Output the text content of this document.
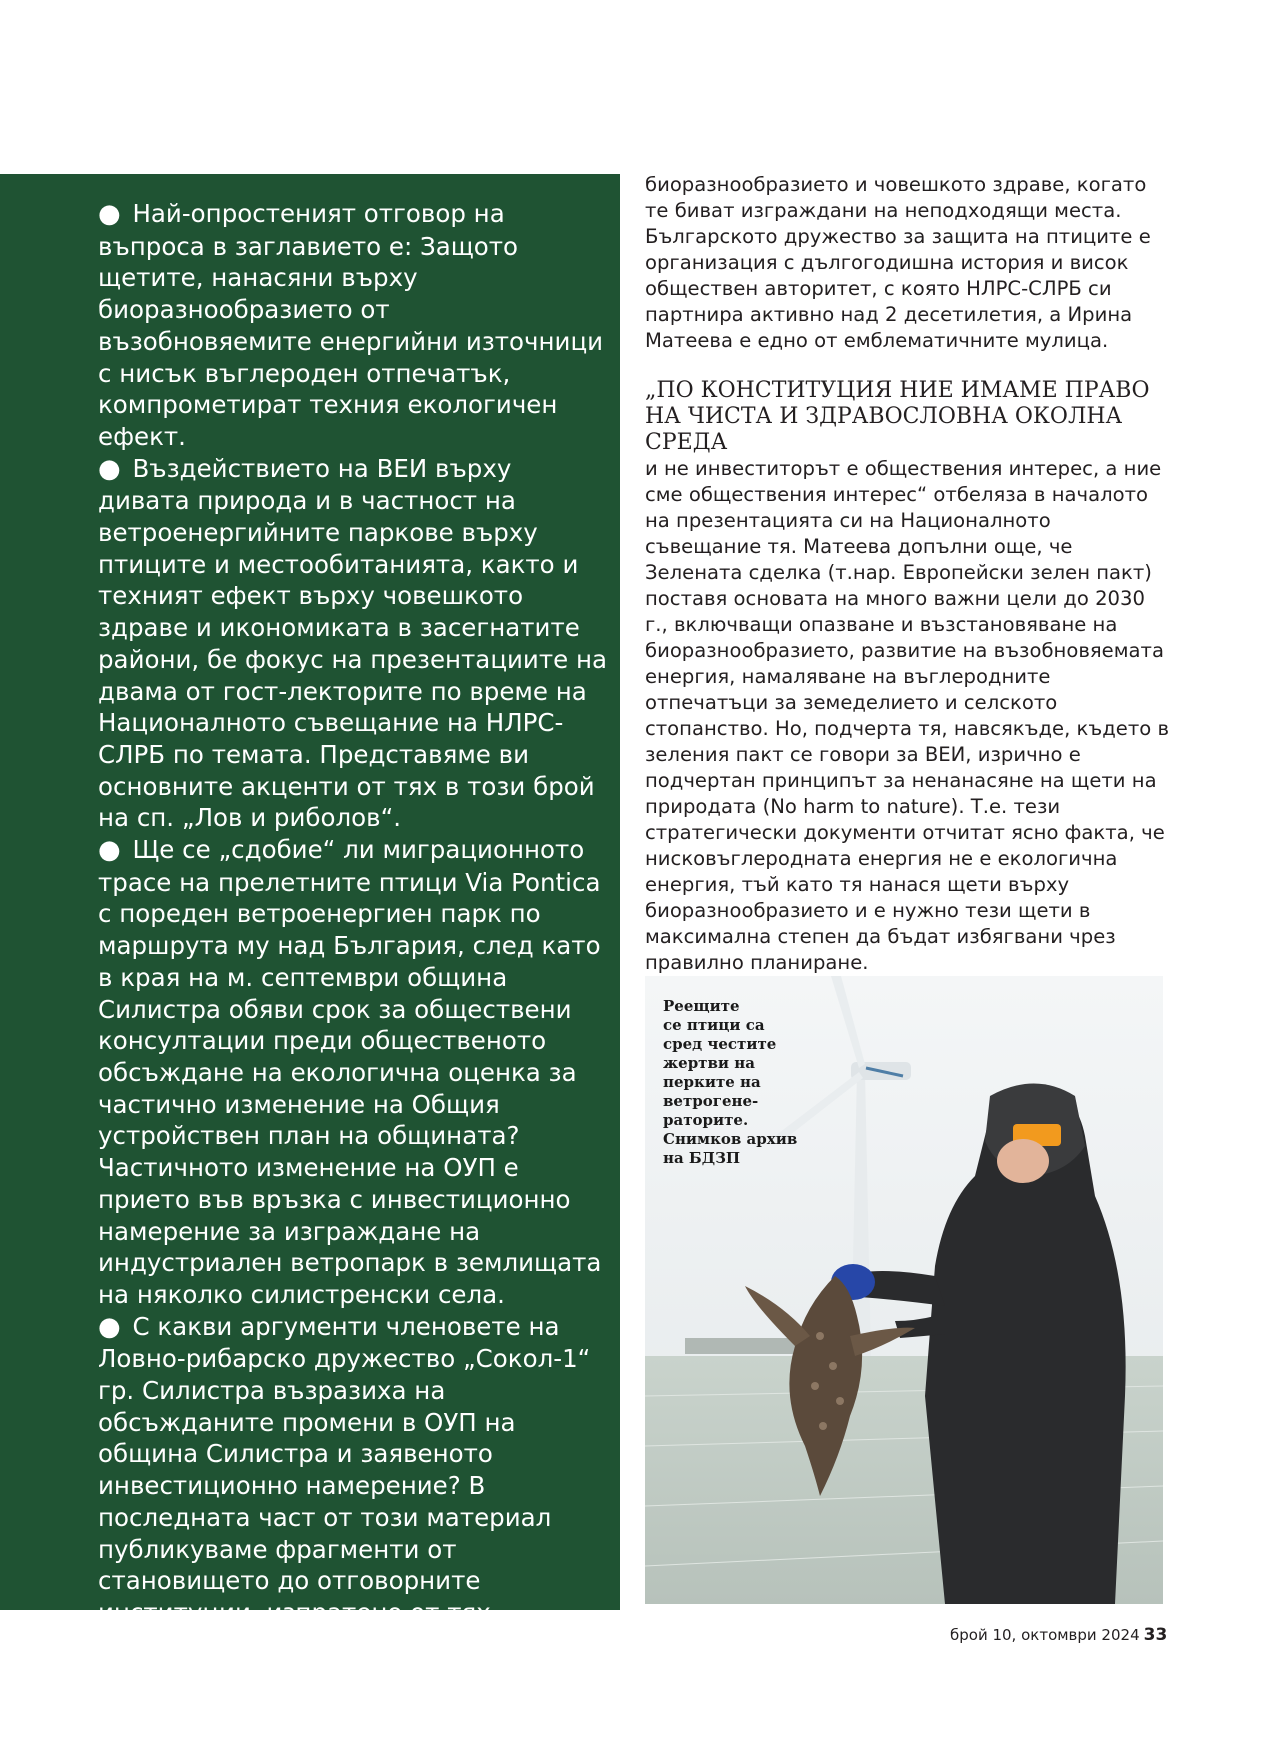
● Най-опростеният отговор на въпроса в заглавието е: Защото щетите, нанасяни върху биоразнообразието от възобновяемите енергийни източници с нисък въглероден отпечатък, компрометират техния екологичен ефект.

● Въздействието на ВЕИ върху дивата природа и в частност на ветроенергийните паркове върху птиците и местообитанията, както и техният ефект върху човешкото здраве и икономиката в засегнатите райони, бе фокус на презентациите на двама от гост-лекторите по време на Националното съвещание на НЛРС-СЛРБ по темата. Представяме ви основните акценти от тях в този брой на сп. „Лов и риболов“.

● Ще се „сдобие“ ли миграционното трасе на прелетните птици Via Pontica с пореден ветроенергиен парк по маршрута му над България, след като в края на м. септември община Силистра обяви срок за обществени консултации преди общественото обсъждане на екологична оценка за частично изменение на Общия устройствен план на общината? Частичното изменение на ОУП е прието във връзка с инвестиционно намерение за изграждане на индустриален ветропарк в землищата на няколко силистренски села.

● С какви аргументи членовете на Ловно-рибарско дружество „Сокол-1“ гр. Силистра възразиха на обсъжданите промени в ОУП на община Силистра и заявеното инвестиционно намерение? В последната част от този материал публикуваме фрагменти от становището до отговорните институции, изпратено от тях.

биоразнообразието и човешкото здраве, когато те биват изграждани на неподходящи места. Българското дружество за защита на птиците е организация с дългогодишна история и висок обществен авторитет, с която НЛРС-СЛРБ си партнира активно над 2 десетилетия, а Ирина Матеева е едно от емблематичните мулица.

„ПО КОНСТИТУЦИЯ НИЕ ИМАМЕ ПРАВО НА ЧИСТА И ЗДРАВОСЛОВНА ОКОЛНА СРЕДА

и не инвеститорът е обществения интерес, а ние сме обществения интерес“ отбеляза в началото на презентацията си на Националното съвещание тя. Матеева допълни още, че Зелената сделка (т.нар. Европейски зелен пакт) поставя основата на много важни цели до 2030 г., включващи опазване и възстановяване на биоразнообразието, развитие на възобновяемата енергия, намаляване на въглеродните отпечатъци за земеделието и селското стопанство. Но, подчерта тя, навсякъде, където в зеления пакт се говори за ВЕИ, изрично е подчертан принципът за ненанасяне на щети на природата (No harm to nature). Т.е. тези стратегически документи отчитат ясно факта, че нисковъглеродната енергия не е екологична енергия, тъй като тя нанася щети върху биоразнообразието и е нужно тези щети в максимална степен да бъдат избягвани чрез правилно планиране.

Реещите

се птици са

сред честите

жертви на

перките на

ветрогене-

раторите.

Снимков архив

на БДЗП

брой 10, октомври 2024 33
